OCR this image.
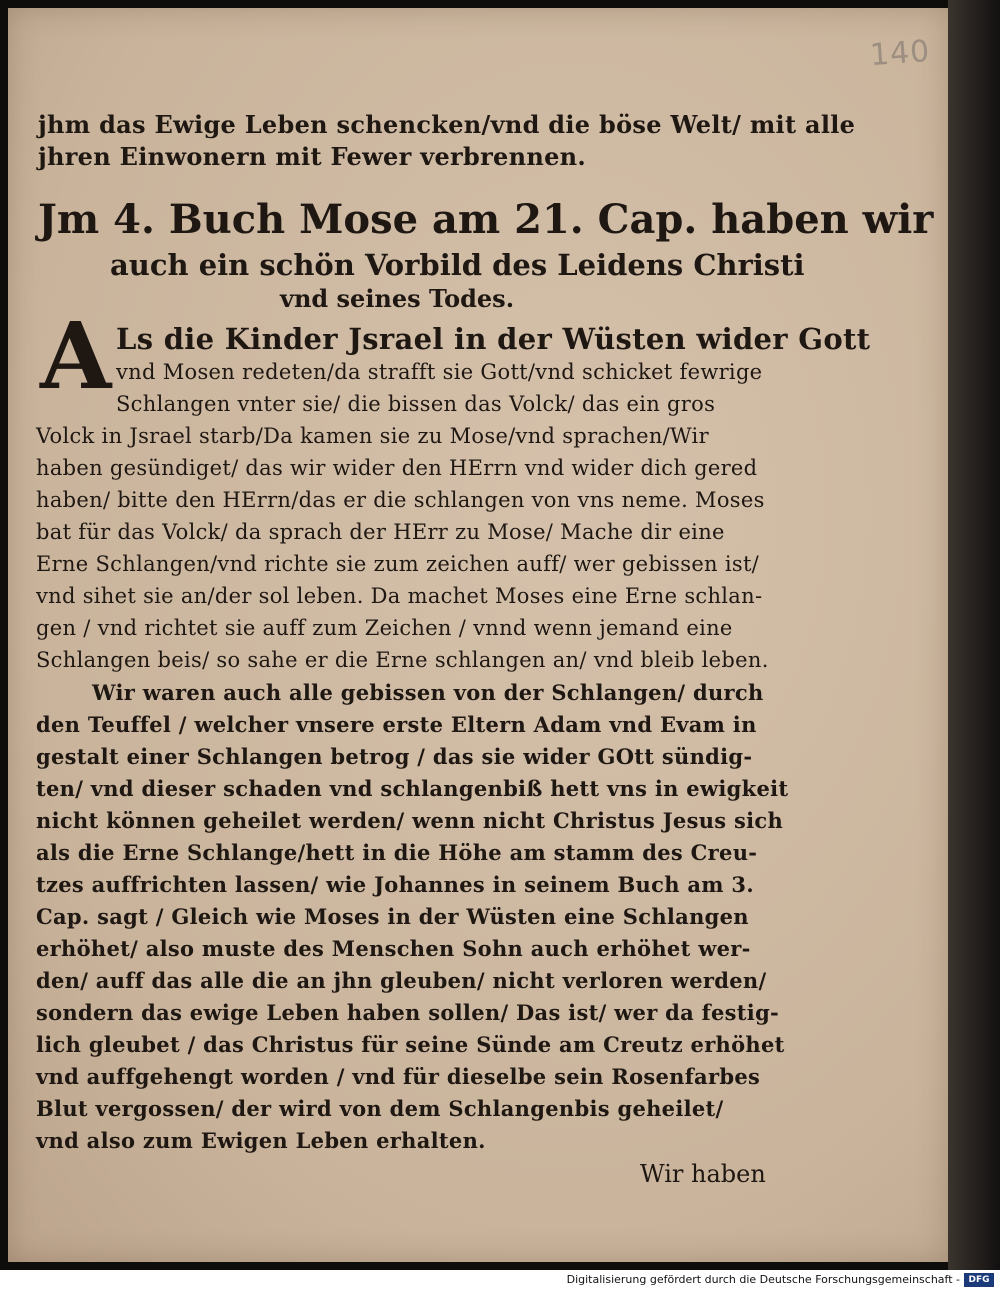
140
jhm das Ewige Leben schencken/vnd die böse Welt/ mit alle
jhren Einwonern mit Fewer verbrennen.
Jm 4. Buch Mose am 21. Cap. haben wir
auch ein schön Vorbild des Leidens Christi
vnd seines Todes.
A Ls die Kinder Jsrael in der Wüsten wider Gott
vnd Mosen redeten/da strafft sie Gott/vnd schicket fewrige
Schlangen vnter sie/ die bissen das Volck/ das ein gros
Volck in Jsrael starb/Da kamen sie zu Mose/vnd sprachen/Wir
haben gesündiget/ das wir wider den HErrn vnd wider dich gered
haben/ bitte den HErrn/das er die schlangen von vns neme. Moses
bat für das Volck/ da sprach der HErr zu Mose/ Mache dir eine
Erne Schlangen/vnd richte sie zum zeichen auff/ wer gebissen ist/
vnd sihet sie an/der sol leben. Da machet Moses eine Erne schlan-
gen / vnd richtet sie auff zum Zeichen / vnnd wenn jemand eine
Schlangen beis/ so sahe er die Erne schlangen an/ vnd bleib leben.
Wir waren auch alle gebissen von der Schlangen/ durch
den Teuffel / welcher vnsere erste Eltern Adam vnd Evam in
gestalt einer Schlangen betrog / das sie wider GOtt sündig-
ten/ vnd dieser schaden vnd schlangenbiß hett vns in ewigkeit
nicht können geheilet werden/ wenn nicht Christus Jesus sich
als die Erne Schlange/hett in die Höhe am stamm des Creu-
tzes auffrichten lassen/ wie Johannes in seinem Buch am 3.
Cap. sagt / Gleich wie Moses in der Wüsten eine Schlangen
erhöhet/ also muste des Menschen Sohn auch erhöhet wer-
den/ auff das alle die an jhn gleuben/ nicht verloren werden/
sondern das ewige Leben haben sollen/ Das ist/ wer da festig-
lich gleubet / das Christus für seine Sünde am Creutz erhöhet
vnd auffgehengt worden / vnd für dieselbe sein Rosenfarbes
Blut vergossen/ der wird von dem Schlangenbis geheilet/
vnd also zum Ewigen Leben erhalten.
Wir haben
Digitalisierung gefördert durch die Deutsche Forschungsgemeinschaft - DFG
